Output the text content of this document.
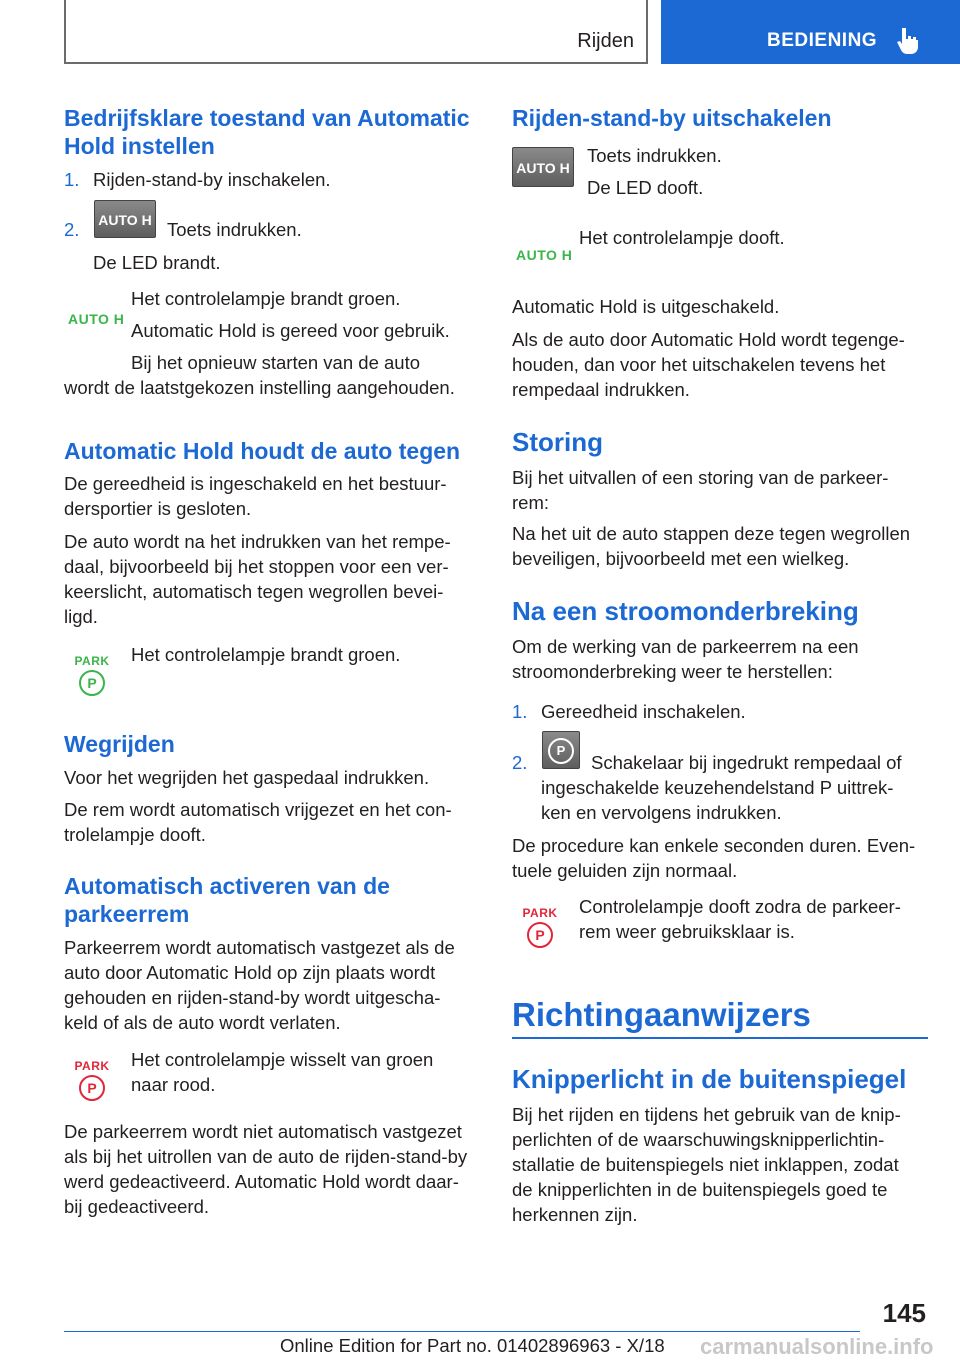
Rijden	BEDIENING
Bedrijfsklare toestand van Automatic Hold instellen
1. Rijden-stand-by inschakelen.
2.	AUTO H Toets indrukken.
De LED brandt.
AUTO H
Het controlelampje brandt groen.
Automatic Hold is gereed voor gebruik.
Bij het opnieuw starten van de auto
wordt de laatstgekozen instelling aangehouden.
Automatic Hold houdt de auto tegen
De gereedheid is ingeschakeld en het bestuur-
dersportier is gesloten.
De auto wordt na het indrukken van het rempe-
daal, bijvoorbeeld bij het stoppen voor een ver-
keerslicht, automatisch tegen wegrollen bevei-
ligd.
PARK
P
Het controlelampje brandt groen.
Wegrijden
Voor het wegrijden het gaspedaal indrukken.
De rem wordt automatisch vrijgezet en het con-
trolelampje dooft.
Automatisch activeren van de
parkeerrem
Parkeerrem wordt automatisch vastgezet als de
auto door Automatic Hold op zijn plaats wordt
gehouden en rijden-stand-by wordt uitgescha-
keld of als de auto wordt verlaten.
PARK
P
Het controlelampje wisselt van groen
naar rood.
De parkeerrem wordt niet automatisch vastgezet
als bij het uitrollen van de auto de rijden-stand-by
werd gedeactiveerd. Automatic Hold wordt daar-
bij gedeactiveerd.
Rijden-stand-by uitschakelen
AUTO H
Toets indrukken.
De LED dooft.
AUTO H
Het controlelampje dooft.
Automatic Hold is uitgeschakeld.
Als de auto door Automatic Hold wordt tegenge-
houden, dan voor het uitschakelen tevens het
rempedaal indrukken.
Storing
Bij het uitvallen of een storing van de parkeer-
rem:
Na het uit de auto stappen deze tegen wegrollen
beveiligen, bijvoorbeeld met een wielkeg.
Na een stroomonderbreking
Om de werking van de parkeerrem na een
stroomonderbreking weer te herstellen:
1. Gereedheid inschakelen.
2.
P
Schakelaar bij ingedrukt rempedaal of
ingeschakelde keuzehendelstand P uittrek-
ken en vervolgens indrukken.
De procedure kan enkele seconden duren. Even-
tuele geluiden zijn normaal.
PARK
P
Controlelampje dooft zodra de parkeer-
rem weer gebruiksklaar is.
Richtingaanwijzers
Knipperlicht in de buitenspiegel
Bij het rijden en tijdens het gebruik van de knip-
perlichten of de waarschuwingsknipperlichtin-
stallatie de buitenspiegels niet inklappen, zodat
de knipperlichten in de buitenspiegels goed te
herkennen zijn.
145
Online Edition for Part no. 01402896963 - X/18 carmanualsonline.info
